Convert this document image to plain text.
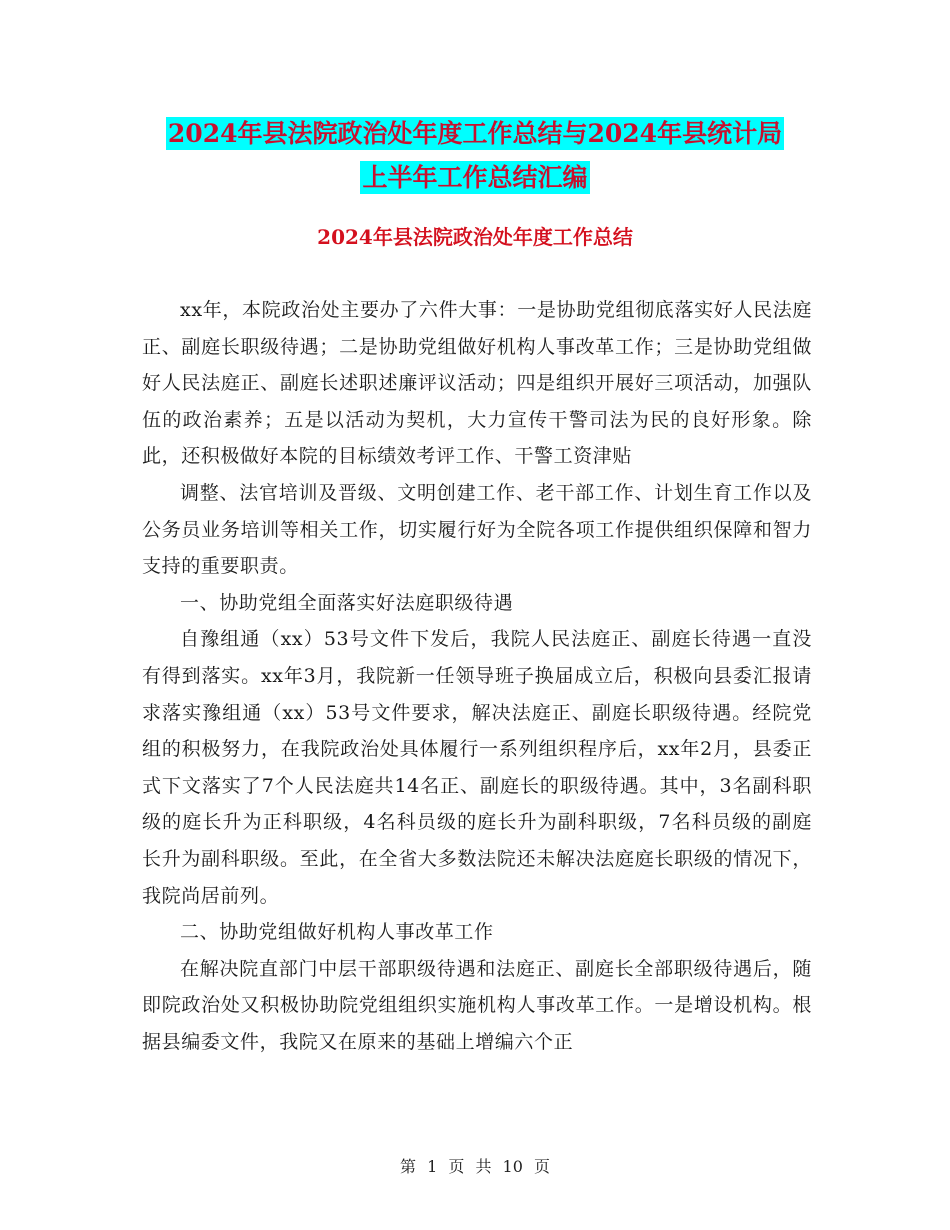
2024年县法院政治处年度工作总结与2024年县统计局
上半年工作总结汇编
2024年县法院政治处年度工作总结

xx年，本院政治处主要办了六件大事：一是协助党组彻底落实好人民法庭正、副庭长职级待遇；二是协助党组做好机构人事改革工作；三是协助党组做好人民法庭正、副庭长述职述廉评议活动；四是组织开展好三项活动，加强队伍的政治素养；五是以活动为契机，大力宣传干警司法为民的良好形象。除此，还积极做好本院的目标绩效考评工作、干警工资津贴

调整、法官培训及晋级、文明创建工作、老干部工作、计划生育工作以及公务员业务培训等相关工作，切实履行好为全院各项工作提供组织保障和智力支持的重要职责。

一、协助党组全面落实好法庭职级待遇

自豫组通（xx）53号文件下发后，我院人民法庭正、副庭长待遇一直没有得到落实。xx年3月，我院新一任领导班子换届成立后，积极向县委汇报请求落实豫组通（xx）53号文件要求，解决法庭正、副庭长职级待遇。经院党组的积极努力，在我院政治处具体履行一系列组织程序后，xx年2月，县委正式下文落实了7个人民法庭共14名正、副庭长的职级待遇。其中，3名副科职级的庭长升为正科职级，4名科员级的庭长升为副科职级，7名科员级的副庭长升为副科职级。至此，在全省大多数法院还未解决法庭庭长职级的情况下，我院尚居前列。

二、协助党组做好机构人事改革工作

在解决院直部门中层干部职级待遇和法庭正、副庭长全部职级待遇后，随即院政治处又积极协助院党组组织实施机构人事改革工作。一是增设机构。根据县编委文件，我院又在原来的基础上增编六个正

第 1 页 共 10 页
